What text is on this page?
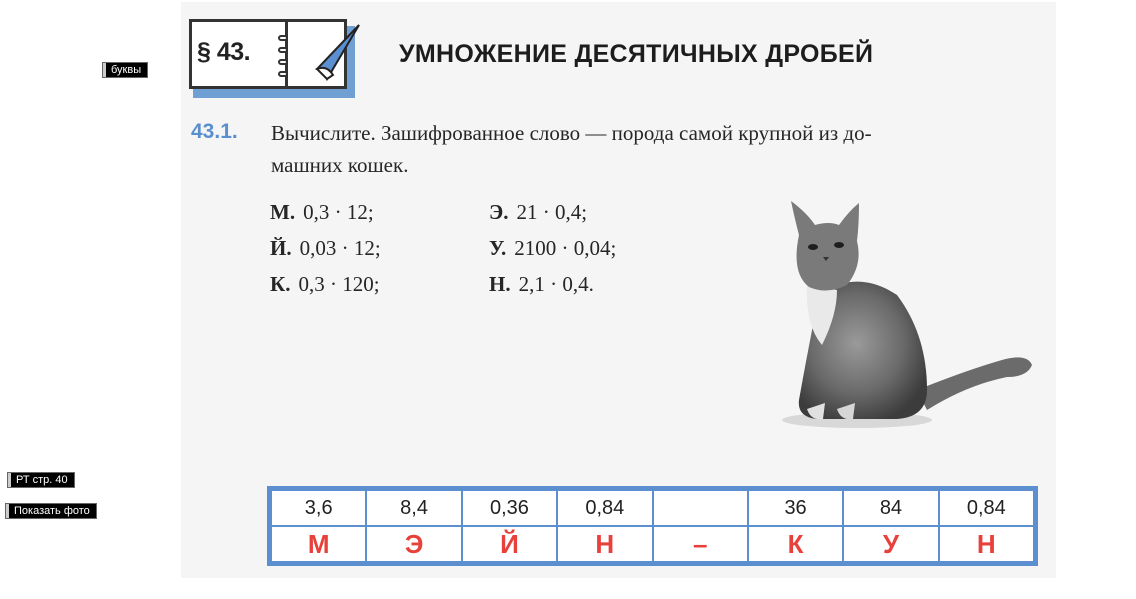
буквы
РТ стр. 40
Показать фото
§ 43.	УМНОЖЕНИЕ ДЕСЯТИЧНЫХ ДРОБЕЙ
43.1. Вычислите. Зашифрованное слово — порода самой крупной из до-
машних кошек.
М. 0,3 · 12;
Й. 0,03 · 12;
К. 0,3 · 120;
Э. 21 · 0,4;
У. 2100 · 0,04;
Н. 2,1 · 0,4.
3,6	8,4	0,36	0,84		36	84	0,84
М	Э	Й	Н	–	К	У	Н
